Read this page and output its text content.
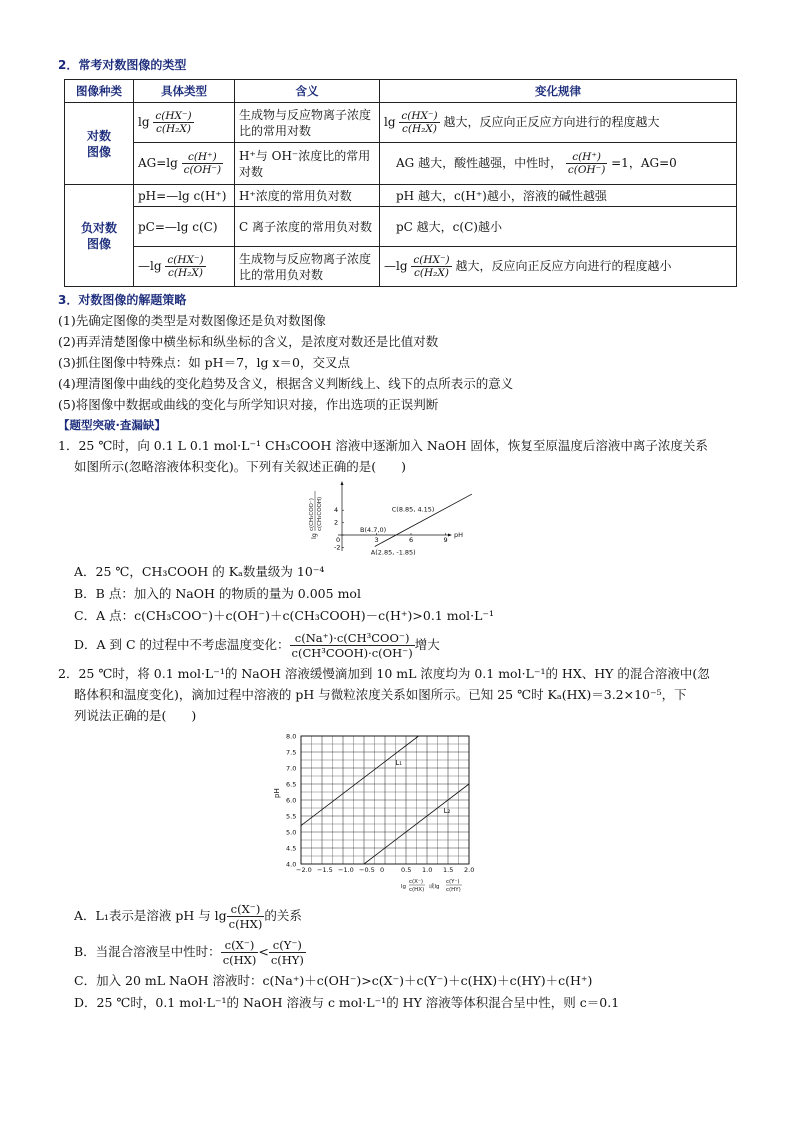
2．常考对数图像的类型
图像种类	具体类型	含义	变化规律
对数
图像	$\lg \frac{c(HX^-)}{\text{c(H₂X)}}$	生成物与反应物离子浓度比的常用对数	$\lg \frac{c(HX^-)}{\text{c(H₂X)}}$ 越大，反应向正反应方向进行的程度越大
	$AG=\lg \frac{c(H^+)}{c(OH^-)}$	H⁺与 OH⁻浓度比的常用对数	AG 越大，酸性越强，中性时， $\frac{c(H^+)}{c(OH^-)} =1$，AG=0
负对数
图像	pH=—lg c(H⁺)	H⁺浓度的常用负对数	pH 越大，c(H⁺)越小，溶液的碱性越强
	pC=—lg c(C)	C 离子浓度的常用负对数	pC 越大，c(C)越小
	—lg $\frac{c(HX^-)}{\text{c(H₂X)}}$	生成物与反应物离子浓度比的常用负对数	—lg $\frac{c(HX^-)}{\text{c(H₂X)}}$ 越大，反应向正反应方向进行的程度越小
3．对数图像的解题策略
(1)先确定图像的类型是对数图像还是负对数图像
(2)再弄清楚图像中横坐标和纵坐标的含义，是浓度对数还是比值对数
(3)抓住图像中特殊点：如 pH＝7，lg x＝0，交叉点
(4)理清图像中曲线的变化趋势及含义，根据含义判断线上、线下的点所表示的意义
(5)将图像中数据或曲线的变化与所学知识对接，作出选项的正误判断
【题型突破·查漏缺】
1．25 ℃时，向 0.1 L 0.1 mol·L⁻¹ CH₃COOH 溶液中逐渐加入 NaOH 固体，恢复至原温度后溶液中离子浓度关系
如图所示(忽略溶液体积变化)。下列有关叙述正确的是(　　)
lg
c(CH₃COO⁻) c(CH₃COOH)
0	3	6	9
4
2
-2
A(2.85, -1.85)
B(4.7,0)
C(8.85, 4.15)
pH
A．25 ℃，CH₃COOH 的 Kₐ数量级为 10⁻⁴
B．B 点：加入的 NaOH 的物质的量为 0.005 mol
C．A 点：c(CH₃COO⁻)＋c(OH⁻)＋c(CH₃COOH)－c(H⁺)>0.1 mol·L⁻¹
D．A 到 C 的过程中不考虑温度变化： $\frac{\text{c(Na⁺)·c(CH³COO⁻)}}{\text{c(CH³COOH)·c(OH⁻)}}$ 增大
2．25 ℃时，将 0.1 mol·L⁻¹的 NaOH 溶液缓慢滴加到 10 mL 浓度均为 0.1 mol·L⁻¹的 HX、HY 的混合溶液中(忽
略体积和温度变化)，滴加过程中溶液的 pH 与微粒浓度关系如图所示。已知 25 ℃时 Kₐ(HX)＝3.2×10⁻⁵，下
列说法正确的是(　　)
8.0
7.5
7.0
6.5
6.0
5.5
5.0
4.5
4.0
−2.0 −1.5 −1.0 −0.5 0	0.5 1.0 1.5 2.0
L₁
L₂
pH
lg
c(X⁻)
c(HX) 或lg
c(Y⁻)
c(HY)
A．L₁表示是溶液 pH 与 $\lg \frac{c(X^-)}{c(HX)}$ 的关系
B．当混合溶液呈中性时： $\frac{c(X^-)}{c(HX)} < \frac{c(Y^-)}{c(HY)}$
C．加入 20 mL NaOH 溶液时：c(Na⁺)＋c(OH⁻)>c(X⁻)＋c(Y⁻)＋c(HX)＋c(HY)＋c(H⁺)
D．25 ℃时，0.1 mol·L⁻¹的 NaOH 溶液与 c mol·L⁻¹的 HY 溶液等体积混合呈中性，则 c＝0.1
